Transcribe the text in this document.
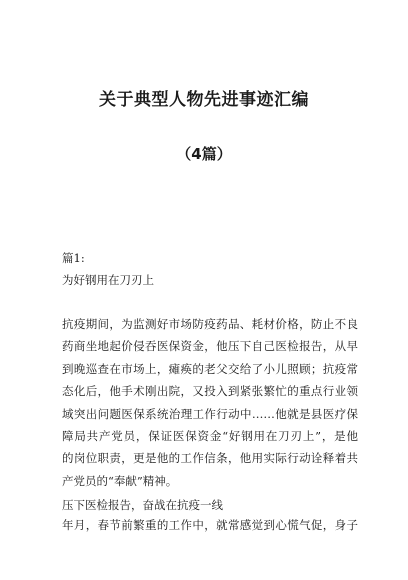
关于典型人物先进事迹汇编
（4篇）
篇1:
为好钢用在刀刃上
抗疫期间，为监测好市场防疫药品、耗材价格，防止不良
药商坐地起价侵吞医保资金，他压下自己医检报告，从早
到晚巡查在市场上，瘫痪的老父交给了小儿照顾；抗疫常
态化后，他手术刚出院，又投入到紧张繁忙的重点行业领
域突出问题医保系统治理工作行动中……他就是县医疗保
障局共产党员，保证医保资金“好钢用在刀刃上”，是他
的岗位职责，更是他的工作信条，他用实际行动诠释着共
产党员的“奉献”精神。
压下医检报告，奋战在抗疫一线
年月，春节前繁重的工作中，就常感觉到心慌气促，身子
